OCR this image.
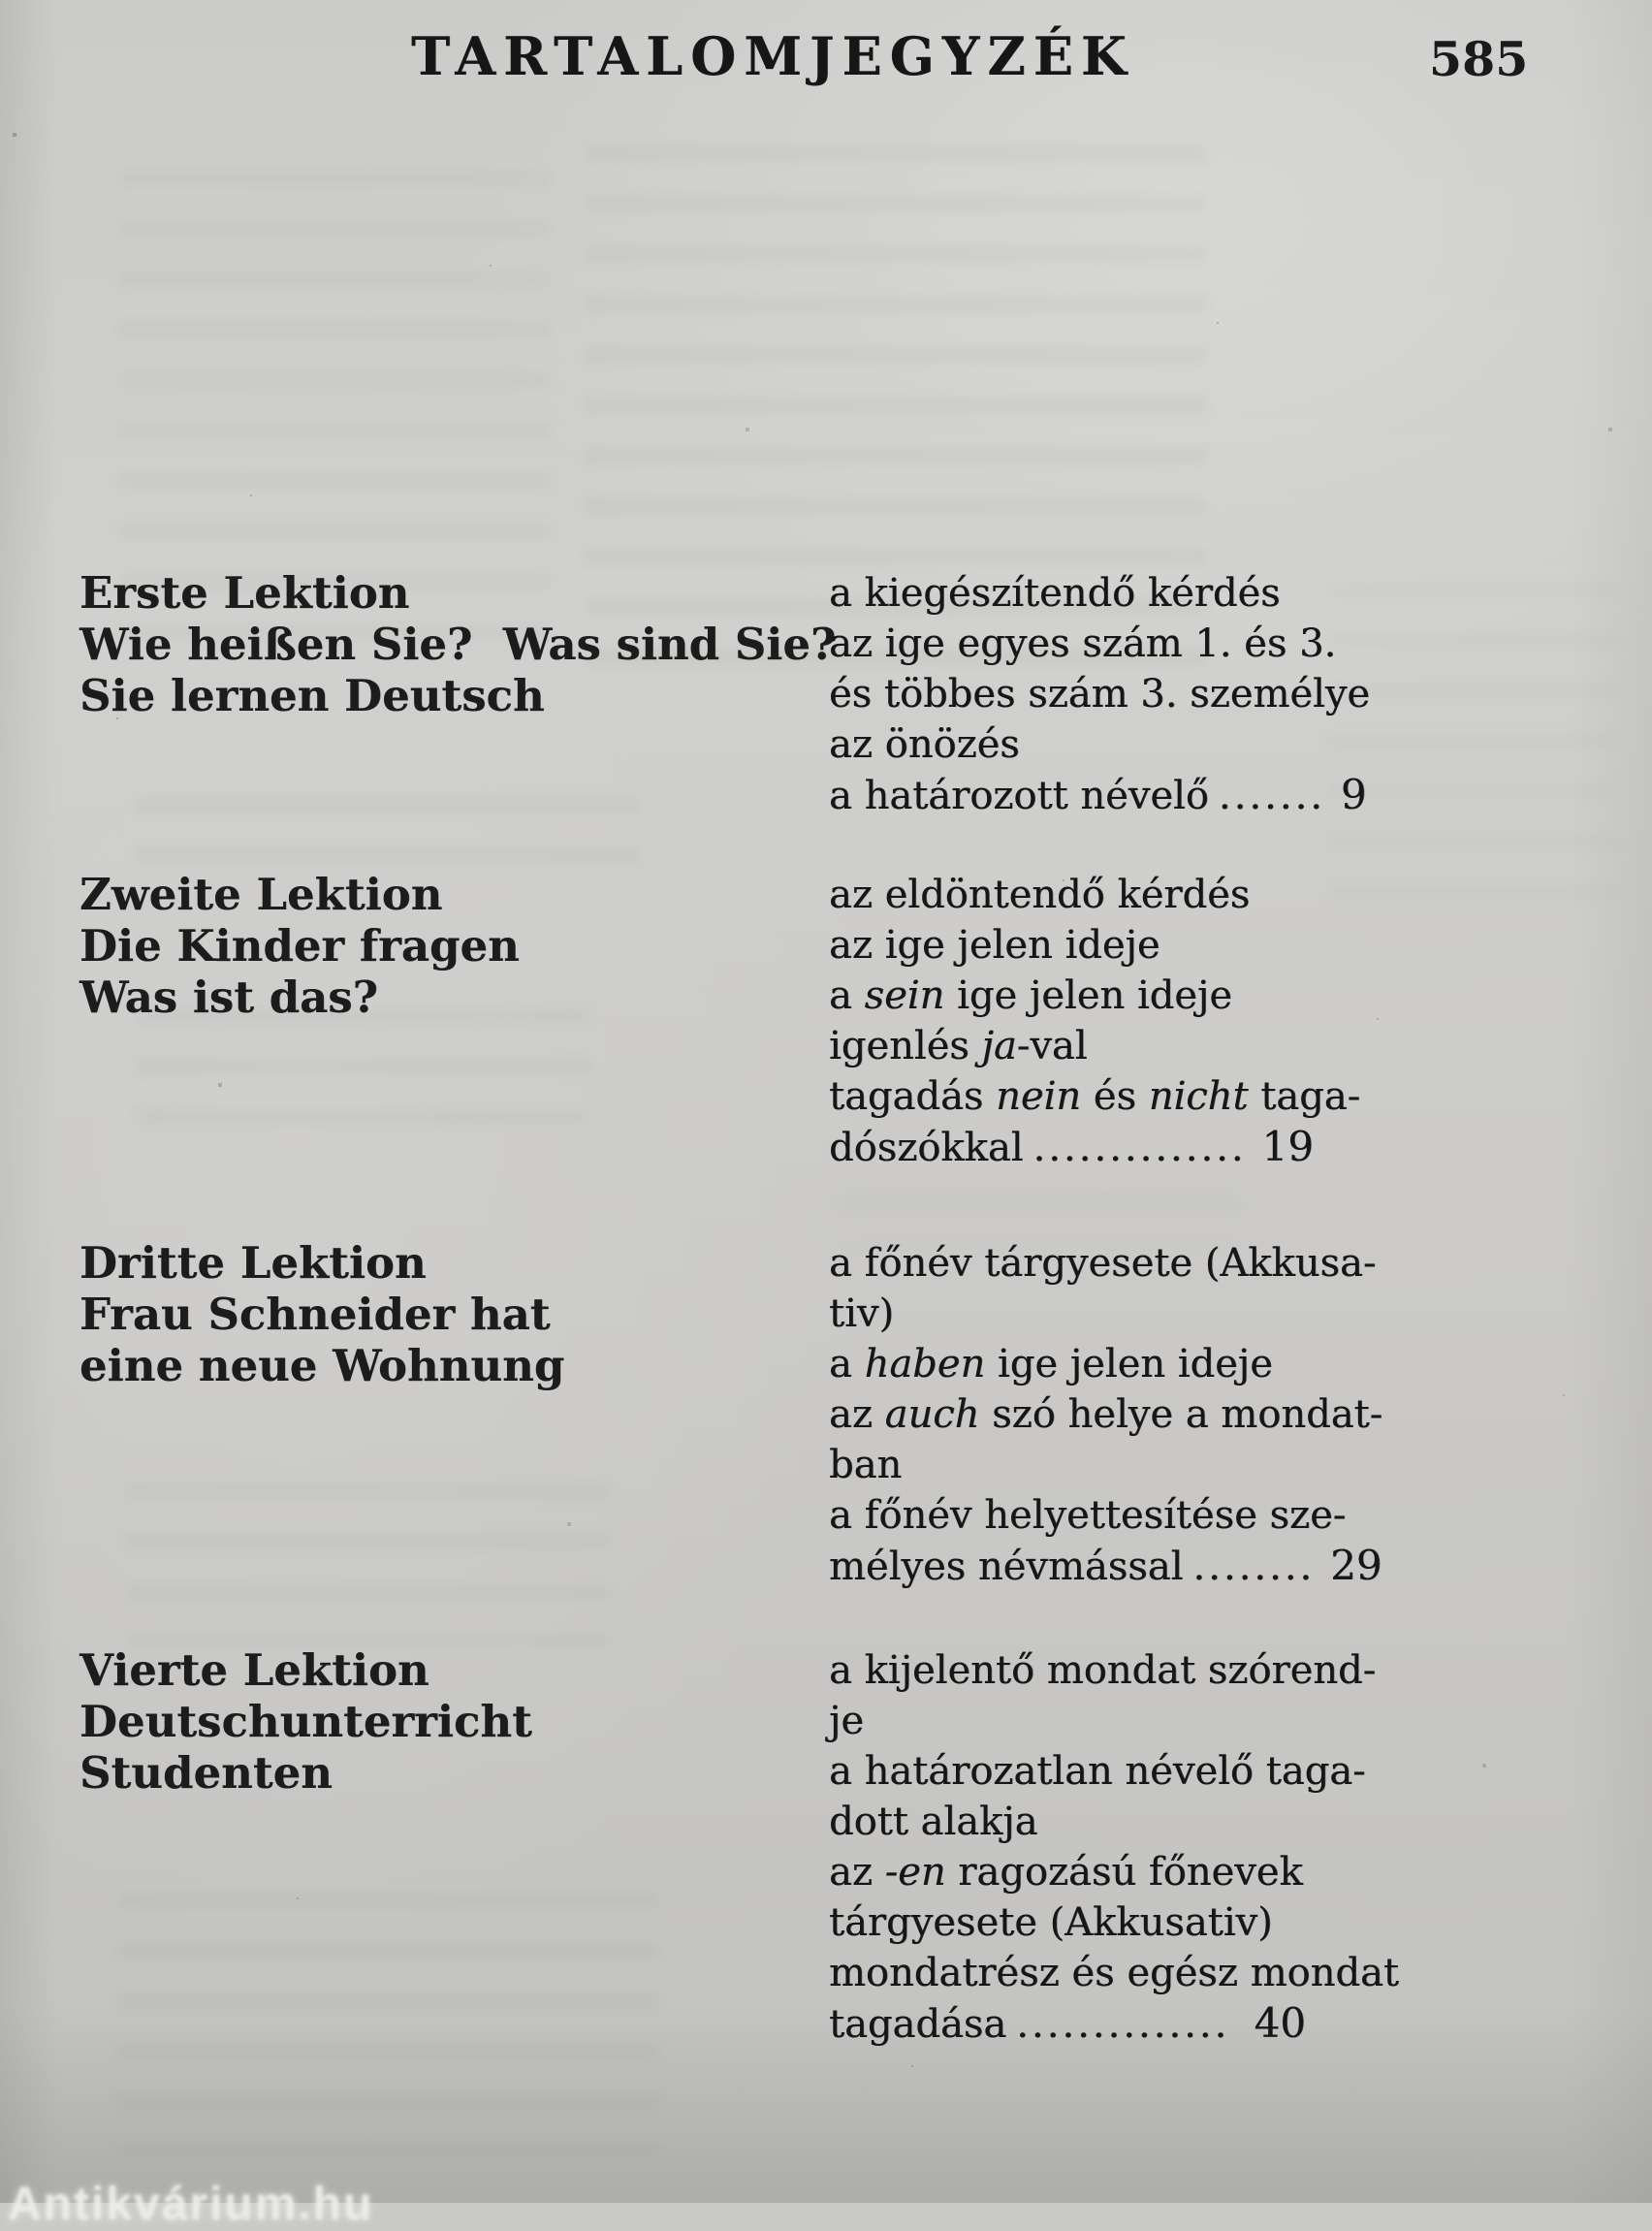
TARTALOMJEGYZÉK	585
Erste Lektion
Wie heißen Sie?  Was sind Sie?
Sie lernen Deutsch
a kiegészítendő kérdés
az ige egyes szám 1. és 3.
és többes szám 3. személye
az önözés
a határozott névelő ....... 9
Zweite Lektion
Die Kinder fragen
Was ist das?
az eldöntendő kérdés
az ige jelen ideje
a sein ige jelen ideje
igenlés ja-val
tagadás nein és nicht taga-
dószókkal .............. 19
Dritte Lektion
Frau Schneider hat
eine neue Wohnung
a főnév tárgyesete (Akkusa-
tiv)
a haben ige jelen ideje
az auch szó helye a mondat-
ban
a főnév helyettesítése sze-
mélyes névmással ........ 29
Vierte Lektion
Deutschunterricht
Studenten
a kijelentő mondat szórend-
je
a határozatlan névelő taga-
dott alakja
az -en ragozású főnevek
tárgyesete (Akkusativ)
mondatrész és egész mondat
tagadása .............. 40
Antikvárium.hu
